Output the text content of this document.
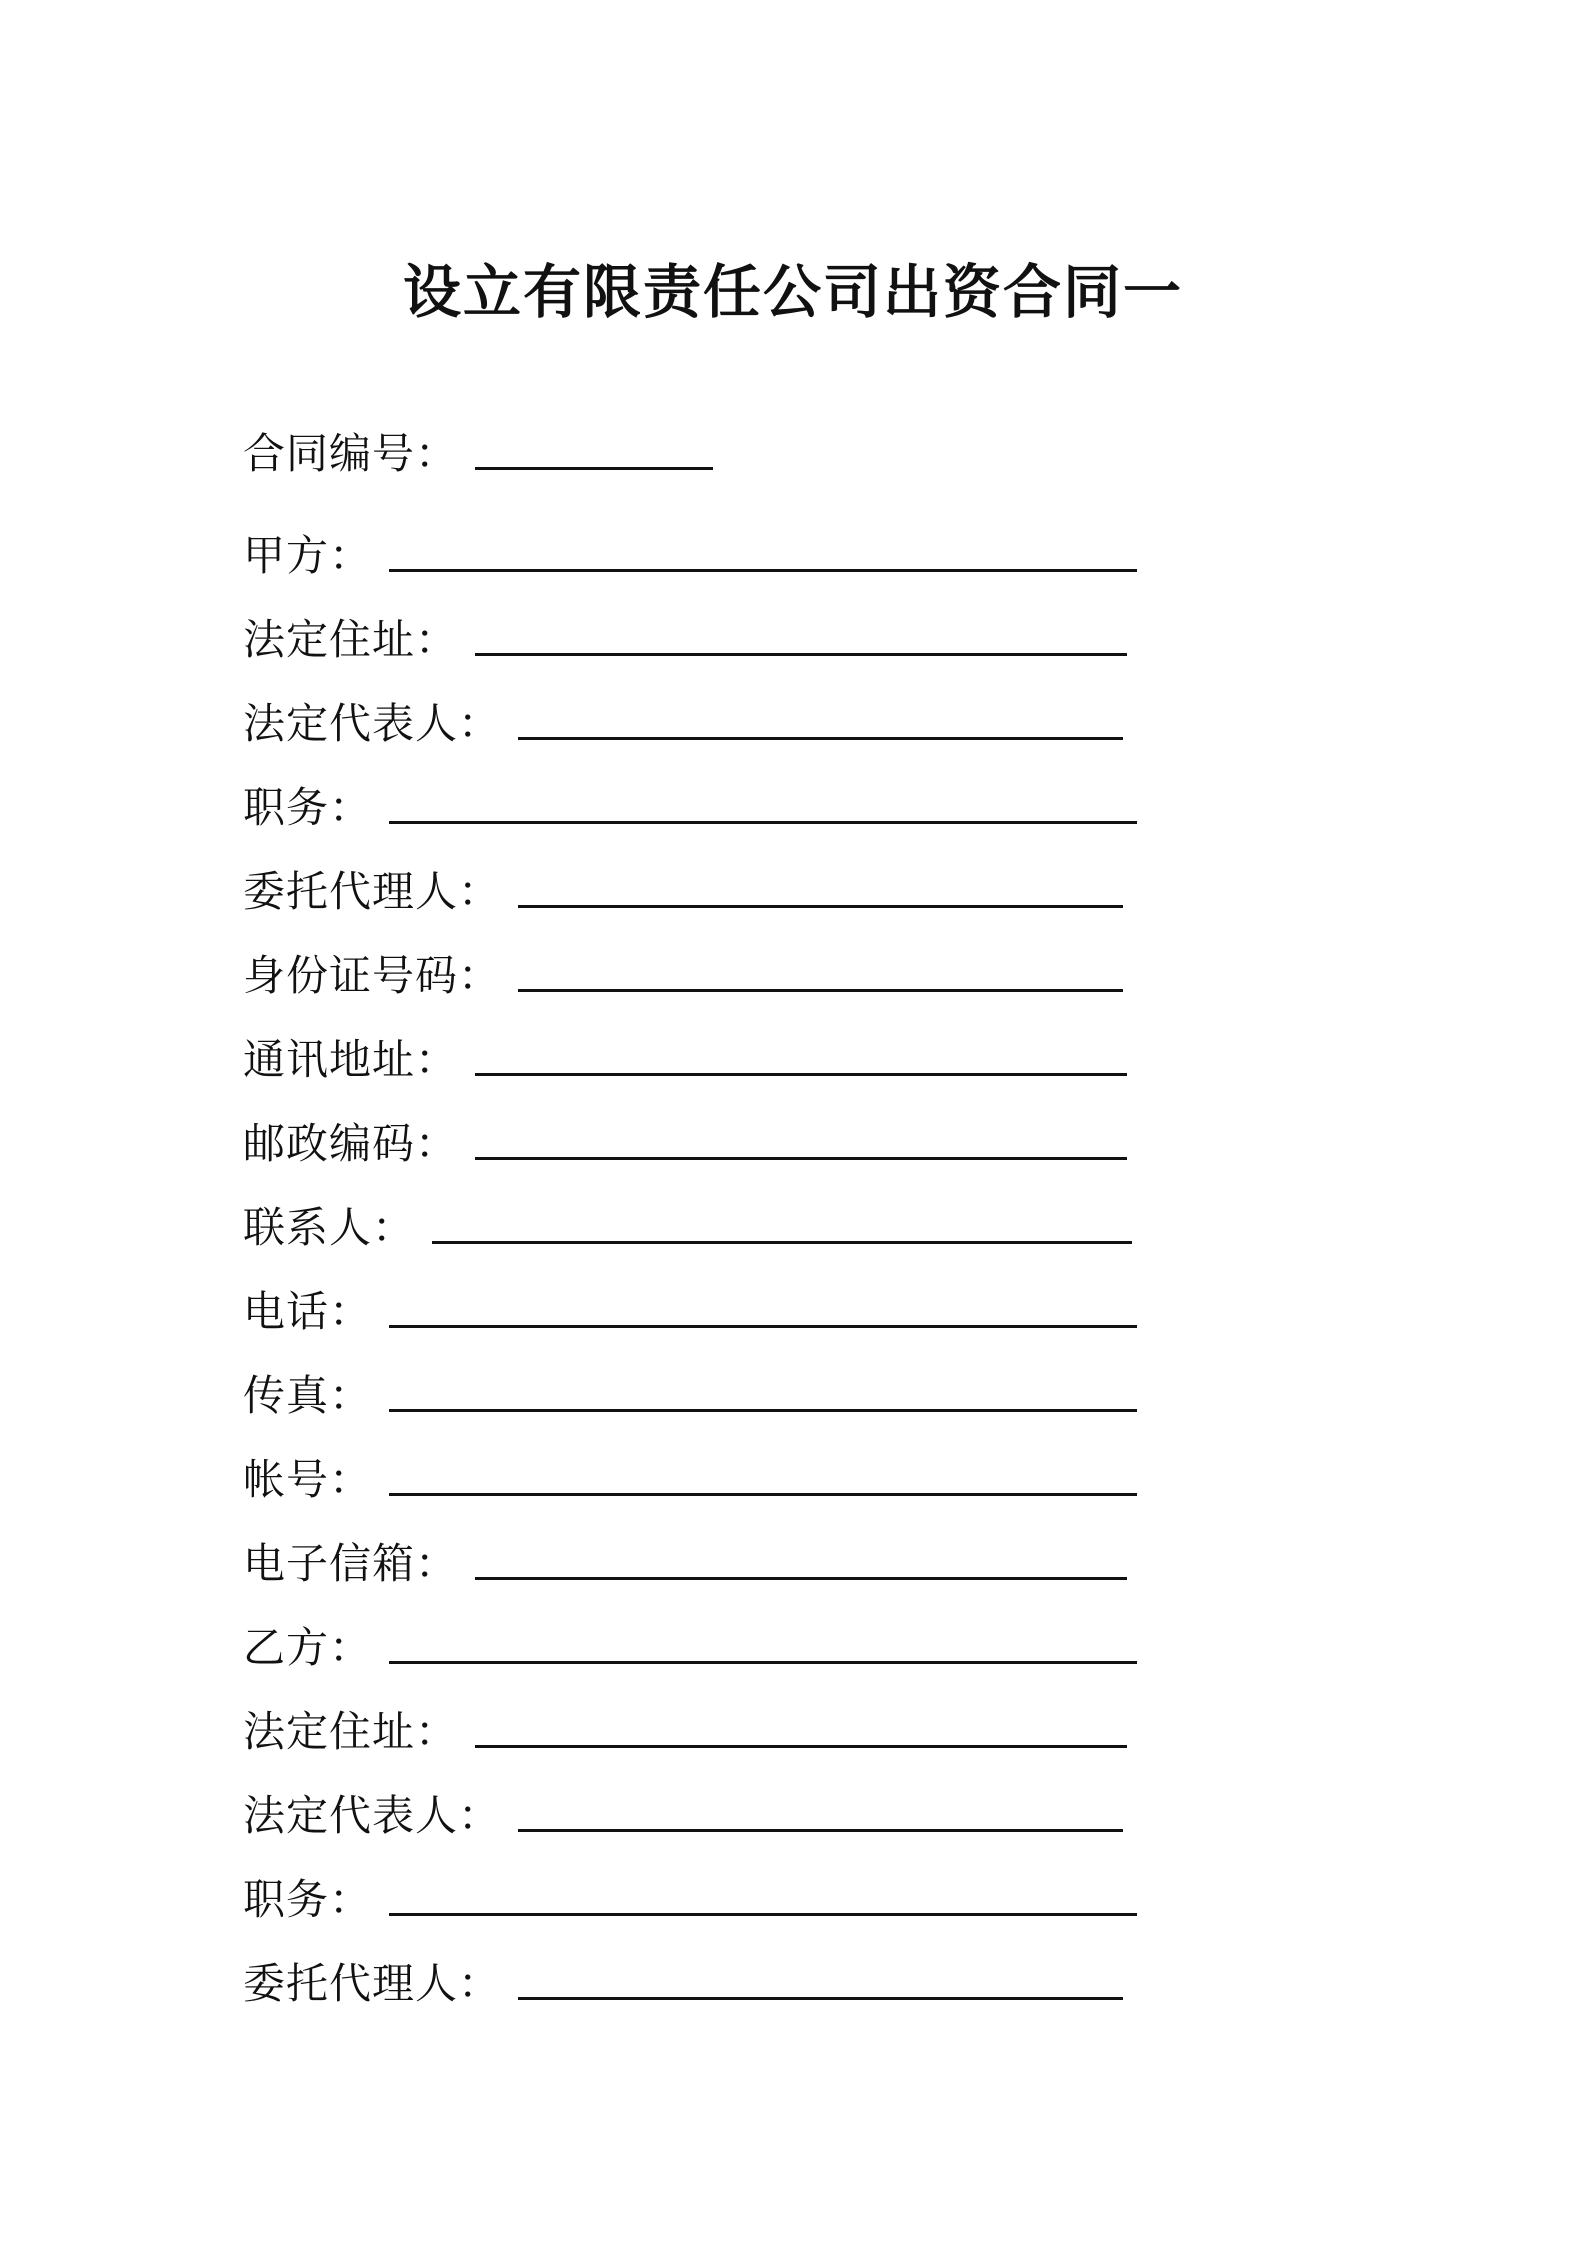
设立有限责任公司出资合同一
合同编号 ：
甲方 ：
法定住址 ：
法定代表人 ：
职务 ：
委托代理人 ：
身份证号码 ：
通讯地址 ：
邮政编码 ：
联系人 ：
电话 ：
传真 ：
帐号 ：
电子信箱 ：
乙方 ：
法定住址 ：
法定代表人 ：
职务 ：
委托代理人 ：
